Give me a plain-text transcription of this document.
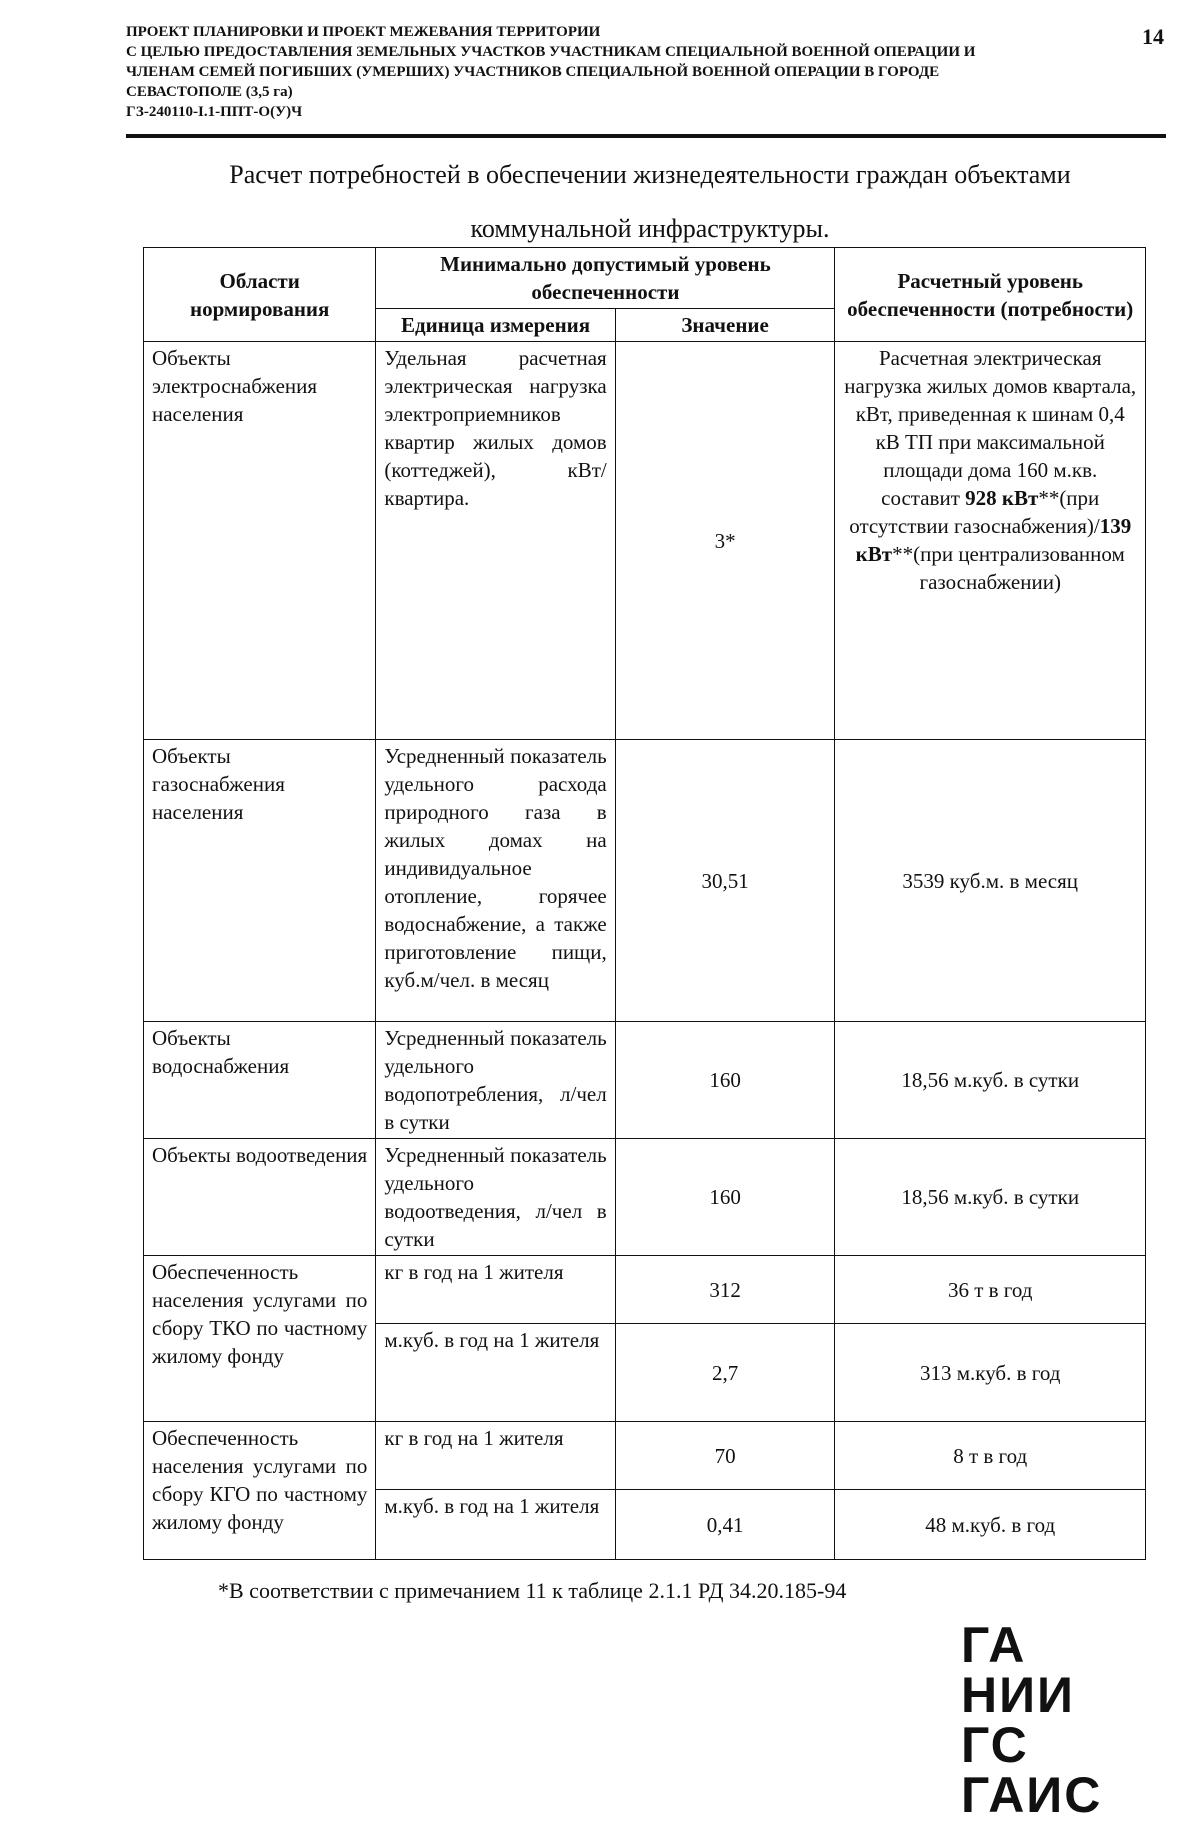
ПРОЕКТ ПЛАНИРОВКИ И ПРОЕКТ МЕЖЕВАНИЯ ТЕРРИТОРИИ
С ЦЕЛЬЮ ПРЕДОСТАВЛЕНИЯ ЗЕМЕЛЬНЫХ УЧАСТКОВ УЧАСТНИКАМ СПЕЦИАЛЬНОЙ ВОЕННОЙ ОПЕРАЦИИ И
ЧЛЕНАМ СЕМЕЙ ПОГИБШИХ (УМЕРШИХ) УЧАСТНИКОВ СПЕЦИАЛЬНОЙ ВОЕННОЙ ОПЕРАЦИИ В ГОРОДЕ
СЕВАСТОПОЛЕ (3,5 га)
ГЗ-240110-I.1-ППТ-О(У)Ч
14
Расчет потребностей в обеспечении жизнедеятельности граждан объектами
коммунальной инфраструктуры.
Области нормирования	Минимально допустимый уровень обеспеченности		Расчетный уровень обеспеченности (потребности)
	Единица измерения	Значение	
Объекты электроснабжения населения	Удельная расчетная электрическая нагрузка электроприемников квартир жилых домов (коттеджей), кВт/квартира.	3*	Расчетная электрическая нагрузка жилых домов квартала, кВт, приведенная к шинам 0,4 кВ ТП при максимальной площади дома 160 м.кв. составит 928 кВт**(при отсутствии газоснабжения)/139 кВт**(при централизованном газоснабжении)
Объекты газоснабжения населения	Усредненный показатель удельного расхода природного газа в жилых домах на индивидуальное отопление, горячее водоснабжение, а также приготовление пищи, куб.м/чел. в месяц	30,51	3539 куб.м. в месяц
Объекты водоснабжения	Усредненный показатель удельного водопотребления, л/чел в сутки	160	18,56 м.куб. в сутки
Объекты водоотведения	Усредненный показатель удельного водоотведения, л/чел в сутки	160	18,56 м.куб. в сутки
Обеспеченность населения услугами по сбору ТКО по частному жилому фонду	кг в год на 1 жителя	312	36 т в год
	м.куб. в год на 1 жителя	2,7	313 м.куб. в год
Обеспеченность населения услугами по сбору КГО по частному жилому фонду	кг в год на 1 жителя	70	8 т в год
	м.куб. в год на 1 жителя	0,41	48 м.куб. в год
*В соответствии с примечанием 11 к таблице 2.1.1 РД 34.20.185-94
ГА НИИ
ГС ГАИС
